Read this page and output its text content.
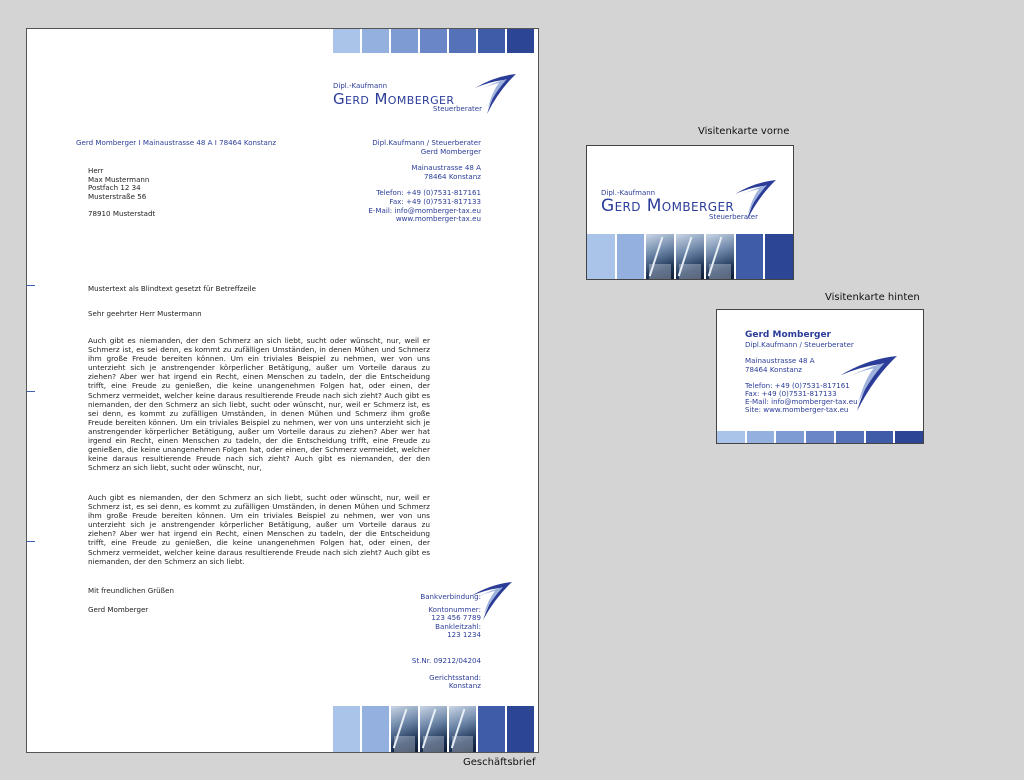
Dipl.-Kaufmann
Gerd Momberger
Steuerberater
Gerd Momberger I Mainaustrasse 48 A I 78464 Konstanz
Herr
Max Mustermann
Postfach 12 34
Musterstraße 56
78910 Musterstadt
Dipl.Kaufmann / Steuerberater
Gerd Momberger
Mainaustrasse 48 A
78464 Konstanz
Telefon: +49 (0)7531-817161
Fax: +49 (0)7531-817133
E-Mail: info@momberger-tax.eu
www.momberger-tax.eu
Mustertext als Blindtext gesetzt für Betreffzeile
Sehr geehrter Herr Mustermann
Auch gibt es niemanden, der den Schmerz an sich liebt, sucht oder wünscht, nur, weil er Schmerz ist, es sei denn, es kommt zu zufälligen Umständen, in denen Mühen und Schmerz ihm große Freude bereiten können. Um ein triviales Beispiel zu nehmen, wer von uns unterzieht sich je anstrengender körperlicher Betätigung, außer um Vorteile daraus zu ziehen? Aber wer hat irgend ein Recht, einen Menschen zu tadeln, der die Entscheidung trifft, eine Freude zu genießen, die keine unangenehmen Folgen hat, oder einen, der Schmerz vermeidet, welcher keine daraus resultierende Freude nach sich zieht? Auch gibt es niemanden, der den Schmerz an sich liebt, sucht oder wünscht, nur, weil er Schmerz ist, es sei denn, es kommt zu zufälligen Umständen, in denen Mühen und Schmerz ihm große Freude bereiten können. Um ein triviales Beispiel zu nehmen, wer von uns unterzieht sich je anstrengender körperlicher Betätigung, außer um Vorteile daraus zu ziehen? Aber wer hat irgend ein Recht, einen Menschen zu tadeln, der die Entscheidung trifft, eine Freude zu genießen, die keine unangenehmen Folgen hat, oder einen, der Schmerz vermeidet, welcher keine daraus resultierende Freude nach sich zieht? Auch gibt es niemanden, der den Schmerz an sich liebt, sucht oder wünscht, nur,
Auch gibt es niemanden, der den Schmerz an sich liebt, sucht oder wünscht, nur, weil er Schmerz ist, es sei denn, es kommt zu zufälligen Umständen, in denen Mühen und Schmerz ihm große Freude bereiten können. Um ein triviales Beispiel zu nehmen, wer von uns unterzieht sich je anstrengender körperlicher Betätigung, außer um Vorteile daraus zu ziehen? Aber wer hat irgend ein Recht, einen Menschen zu tadeln, der die Entscheidung trifft, eine Freude zu genießen, die keine unangenehmen Folgen hat, oder einen, der Schmerz vermeidet, welcher keine daraus resultierende Freude nach sich zieht? Auch gibt es niemanden, der den Schmerz an sich liebt.
Mit freundlichen Grüßen
Gerd Momberger
Bankverbindung:
Kontonummer:
123 456 7789
Bankleitzahl:
123 1234
St.Nr. 09212/04204
Gerichtsstand:
Konstanz
Geschäftsbrief
Visitenkarte vorne
Dipl.-Kaufmann
Gerd Momberger
Steuerberater
Visitenkarte hinten
Gerd Momberger
Dipl.Kaufmann / Steuerberater
Mainaustrasse 48 A
78464 Konstanz
Telefon: +49 (0)7531-817161
Fax: +49 (0)7531-817133
E-Mail: info@momberger-tax.eu
Site: www.momberger-tax.eu
